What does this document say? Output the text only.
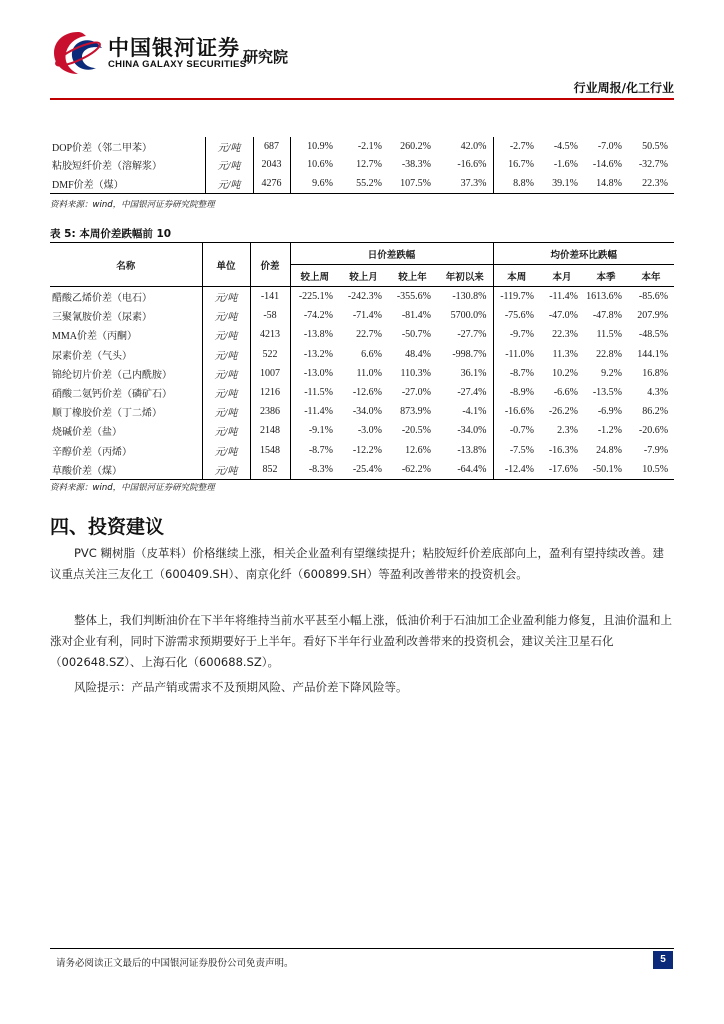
中国银河证券
CHINA GALAXY SECURITIES
研究院
行业周报/化工行业
DOP价差（邻二甲苯）	元/吨	687	10.9%	-2.1%	260.2%	42.0%	-2.7%	-4.5%	-7.0%	50.5%
粘胶短纤价差（溶解浆）	元/吨	2043	10.6%	12.7%	-38.3%	-16.6%	16.7%	-1.6%	-14.6%	-32.7%
DMF价差（煤）	元/吨	4276	9.6%	55.2%	107.5%	37.3%	8.8%	39.1%	14.8%	22.3%
资料来源：wind，中国银河证券研究院整理
表 5: 本周价差跌幅前 10
名称	单位	价差	日价差跌幅				均价差环比跌幅			
			较上周	较上月	较上年	年初以来	本周	本月	本季	本年
醋酸乙烯价差（电石）	元/吨	-141	-225.1%	-242.3%	-355.6%	-130.8%	-119.7%	-11.4%	1613.6%	-85.6%
三聚氰胺价差（尿素）	元/吨	-58	-74.2%	-71.4%	-81.4%	5700.0%	-75.6%	-47.0%	-47.8%	207.9%
MMA价差（丙酮）	元/吨	4213	-13.8%	22.7%	-50.7%	-27.7%	-9.7%	22.3%	11.5%	-48.5%
尿素价差（气头）	元/吨	522	-13.2%	6.6%	48.4%	-998.7%	-11.0%	11.3%	22.8%	144.1%
锦纶切片价差（己内酰胺）	元/吨	1007	-13.0%	11.0%	110.3%	36.1%	-8.7%	10.2%	9.2%	16.8%
硝酸二氨钙价差（磷矿石）	元/吨	1216	-11.5%	-12.6%	-27.0%	-27.4%	-8.9%	-6.6%	-13.5%	4.3%
顺丁橡胶价差（丁二烯）	元/吨	2386	-11.4%	-34.0%	873.9%	-4.1%	-16.6%	-26.2%	-6.9%	86.2%
烧碱价差（盐）	元/吨	2148	-9.1%	-3.0%	-20.5%	-34.0%	-0.7%	2.3%	-1.2%	-20.6%
辛醇价差（丙烯）	元/吨	1548	-8.7%	-12.2%	12.6%	-13.8%	-7.5%	-16.3%	24.8%	-7.9%
草酸价差（煤）	元/吨	852	-8.3%	-25.4%	-62.2%	-64.4%	-12.4%	-17.6%	-50.1%	10.5%
资料来源：wind，中国银河证券研究院整理
四、投资建议

PVC 糊树脂（皮革料）价格继续上涨，相关企业盈利有望继续提升；粘胶短纤价差底部向上，盈利有望持续改善。建议重点关注三友化工（600409.SH）、南京化纤（600899.SH）等盈利改善带来的投资机会。

整体上，我们判断油价在下半年将维持当前水平甚至小幅上涨，低油价利于石油加工企业盈利能力修复，且油价温和上涨对企业有利，同时下游需求预期要好于上半年。看好下半年行业盈利改善带来的投资机会，建议关注卫星石化（002648.SZ）、上海石化（600688.SZ）。

风险提示：产品产销或需求不及预期风险、产品价差下降风险等。

请务必阅读正文最后的中国银河证券股份公司免责声明。	5
